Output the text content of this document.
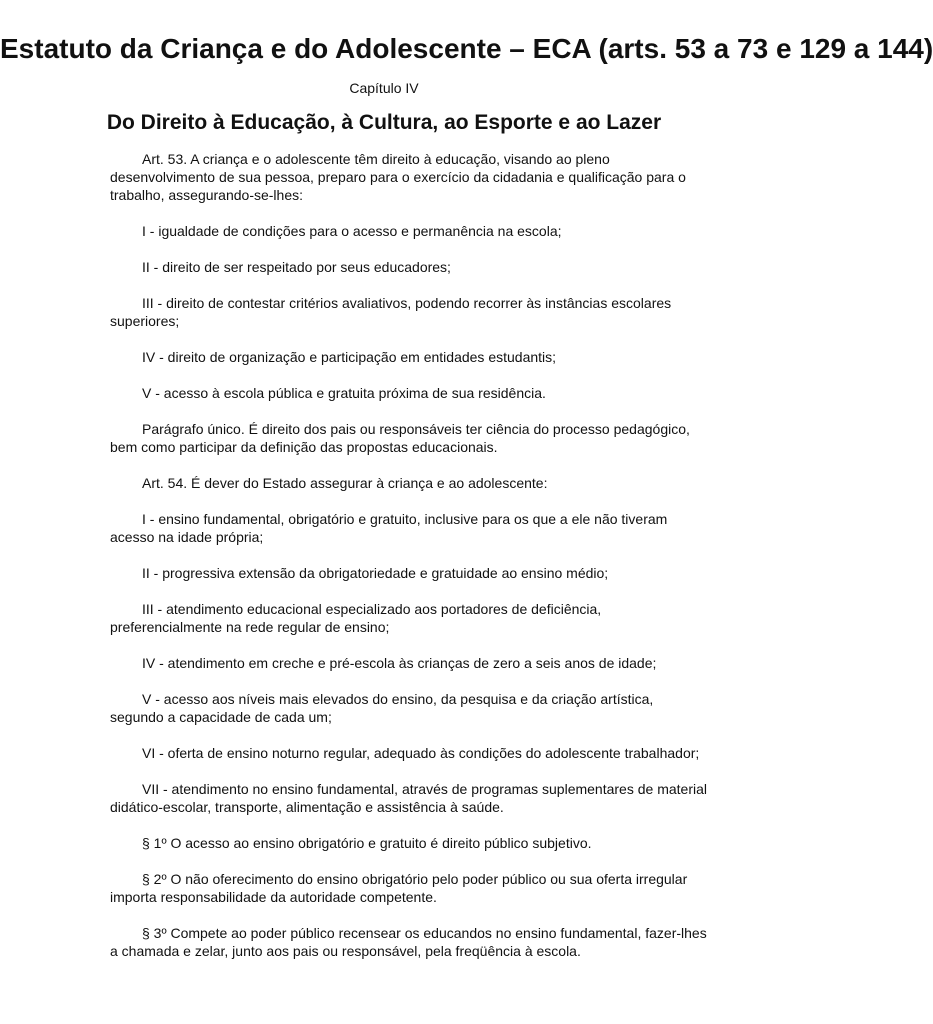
Estatuto da Criança e do Adolescente – ECA (arts. 53 a 73 e 129 a 144)
Capítulo IV
Do Direito à Educação, à Cultura, ao Esporte e ao Lazer

Art. 53. A criança e o adolescente têm direito à educação, visando ao pleno desenvolvimento de sua pessoa, preparo para o exercício da cidadania e qualificação para o trabalho, assegurando-se-lhes:

I - igualdade de condições para o acesso e permanência na escola;

II - direito de ser respeitado por seus educadores;

III - direito de contestar critérios avaliativos, podendo recorrer às instâncias escolares superiores;

IV - direito de organização e participação em entidades estudantis;

V - acesso à escola pública e gratuita próxima de sua residência.

Parágrafo único. É direito dos pais ou responsáveis ter ciência do processo pedagógico, bem como participar da definição das propostas educacionais.

Art. 54. É dever do Estado assegurar à criança e ao adolescente:

I - ensino fundamental, obrigatório e gratuito, inclusive para os que a ele não tiveram acesso na idade própria;

II - progressiva extensão da obrigatoriedade e gratuidade ao ensino médio;

III - atendimento educacional especializado aos portadores de deficiência, preferencialmente na rede regular de ensino;

IV - atendimento em creche e pré-escola às crianças de zero a seis anos de idade;

V - acesso aos níveis mais elevados do ensino, da pesquisa e da criação artística, segundo a capacidade de cada um;

VI - oferta de ensino noturno regular, adequado às condições do adolescente trabalhador;

VII - atendimento no ensino fundamental, através de programas suplementares de material didático-escolar, transporte, alimentação e assistência à saúde.

§ 1º O acesso ao ensino obrigatório e gratuito é direito público subjetivo.

§ 2º O não oferecimento do ensino obrigatório pelo poder público ou sua oferta irregular importa responsabilidade da autoridade competente.

§ 3º Compete ao poder público recensear os educandos no ensino fundamental, fazer-lhes a chamada e zelar, junto aos pais ou responsável, pela freqüência à escola.
